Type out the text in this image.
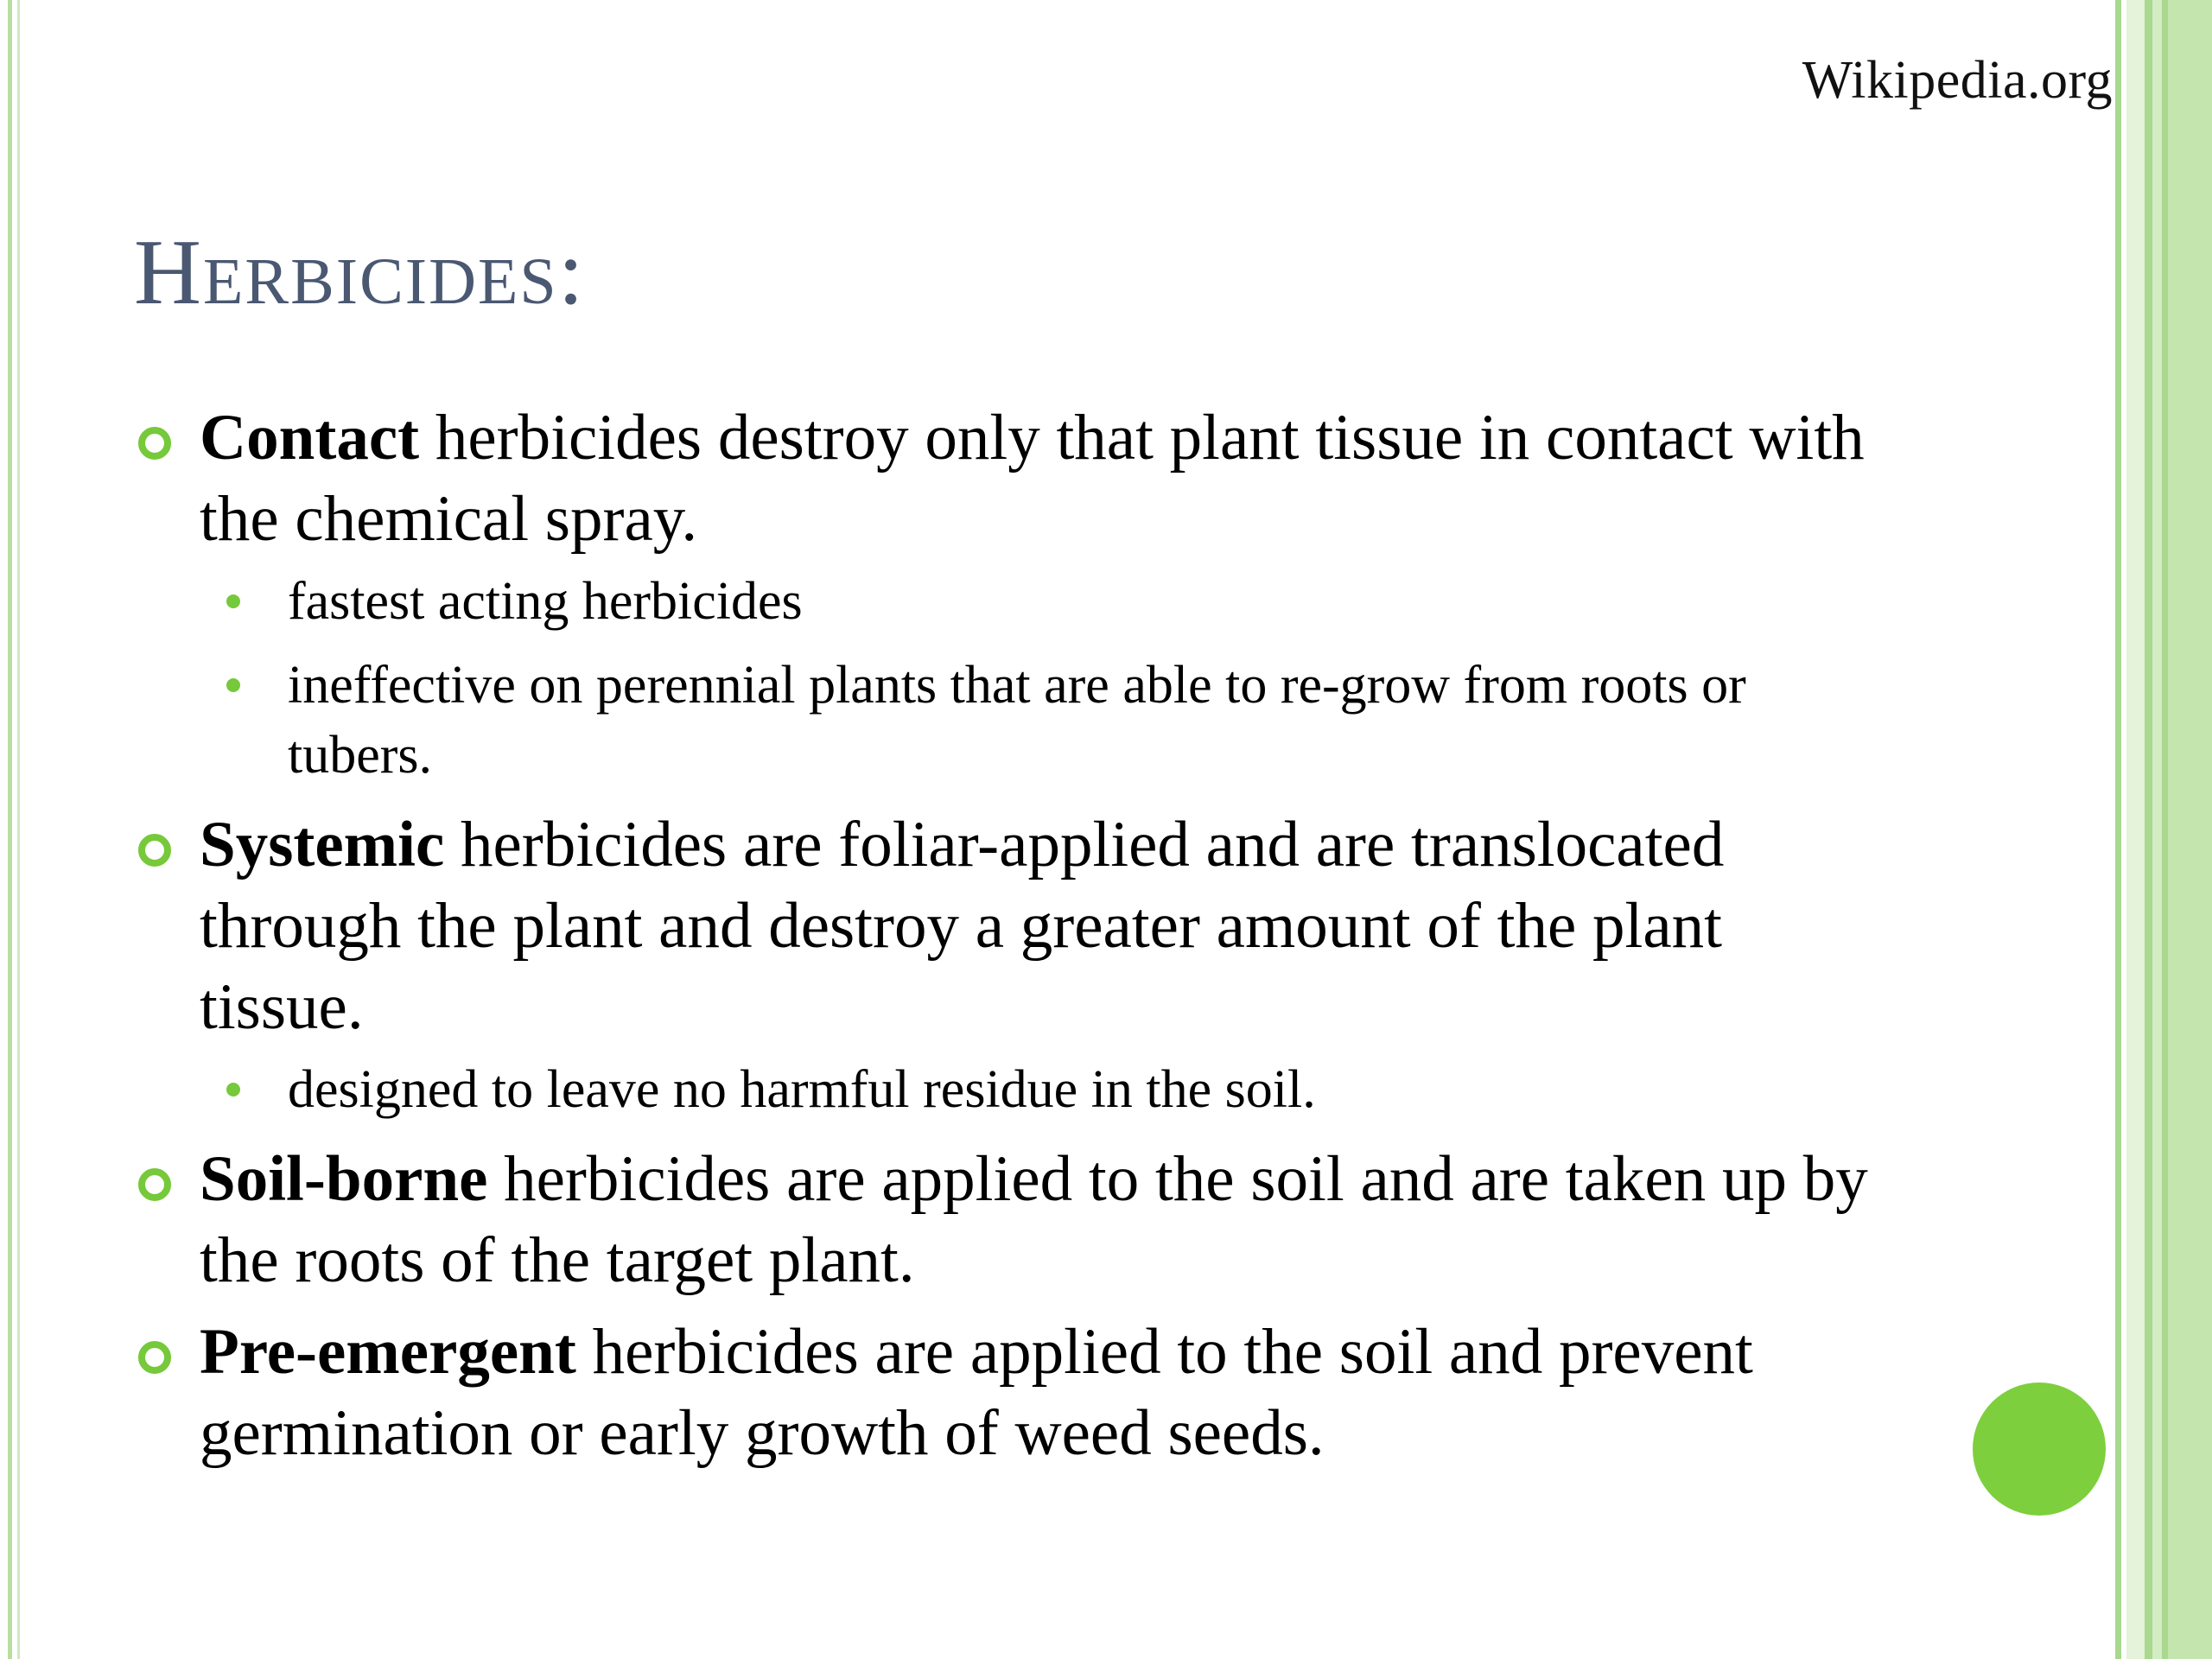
Wikipedia.org
Herbicides:
Contact herbicides destroy only that plant tissue in contact with the chemical spray.
fastest acting herbicides
ineffective on perennial plants that are able to re-grow from roots or tubers.
Systemic herbicides are foliar-applied and are translocated through the plant and destroy a greater amount of the plant tissue.
designed to leave no harmful residue in the soil.
Soil-borne herbicides are applied to the soil and are taken up by the roots of the target plant.
Pre-emergent herbicides are applied to the soil and prevent germination or early growth of weed seeds.
